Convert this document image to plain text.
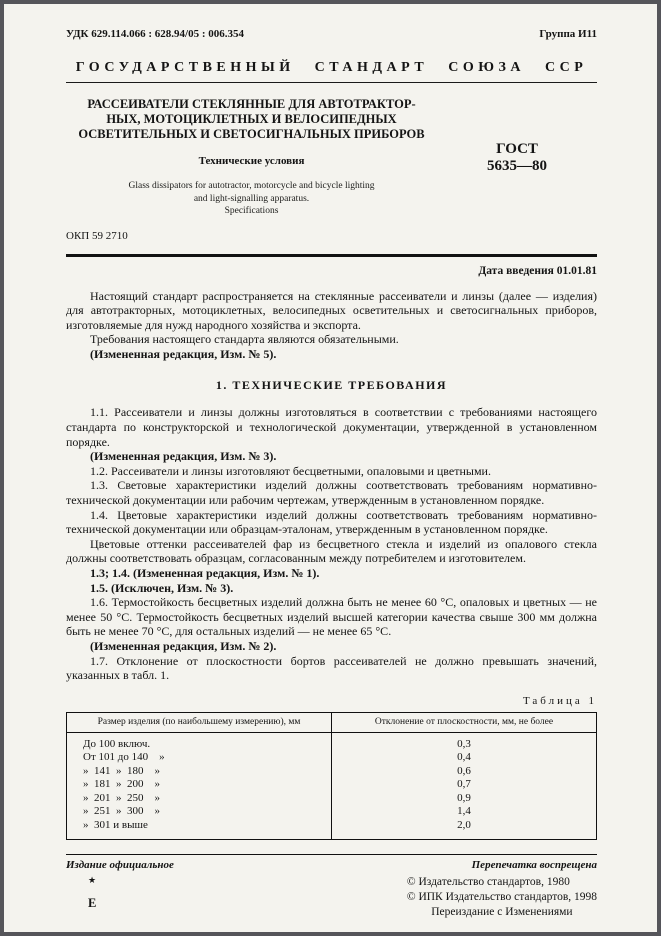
УДК 629.114.066 : 628.94/05 : 006.354	Группа И11
ГОСУДАРСТВЕННЫЙ СТАНДАРТ СОЮЗА ССР
РАССЕИВАТЕЛИ СТЕКЛЯННЫЕ ДЛЯ АВТОТРАКТОР-
НЫХ, МОТОЦИКЛЕТНЫХ И ВЕЛОСИПЕДНЫХ
ОСВЕТИТЕЛЬНЫХ И СВЕТОСИГНАЛЬНЫХ ПРИБОРОВ
Технические условия
Glass dissipators for autotractor, motorcycle and bicycle lighting
and light-signalling apparatus.
Specifications
ГОСТ
5635—80
ОКП 59 2710
Дата введения 01.01.81

Настоящий стандарт распространяется на стеклянные рассеиватели и линзы (далее — изделия) для автотракторных, мотоциклетных, велосипедных осветительных и светосигнальных приборов, изготовляемые для нужд народного хозяйства и экспорта.

Требования настоящего стандарта являются обязательными.

(Измененная редакция, Изм. № 5).

1. ТЕХНИЧЕСКИЕ ТРЕБОВАНИЯ

1.1. Рассеиватели и линзы должны изготовляться в соответствии с требованиями настоящего стандарта по конструкторской и технологической документации, утвержденной в установленном порядке.

(Измененная редакция, Изм. № 3).

1.2. Рассеиватели и линзы изготовляют бесцветными, опаловыми и цветными.

1.3. Световые характеристики изделий должны соответствовать требованиям нормативно-технической документации или рабочим чертежам, утвержденным в установленном порядке.

1.4. Цветовые характеристики изделий должны соответствовать требованиям нормативно-технической документации или образцам-эталонам, утвержденным в установленном порядке.

Цветовые оттенки рассеивателей фар из бесцветного стекла и изделий из опалового стекла должны соответствовать образцам, согласованным между потребителем и изготовителем.

1.3; 1.4. (Измененная редакция, Изм. № 1).

1.5. (Исключен, Изм. № 3).

1.6. Термостойкость бесцветных изделий должна быть не менее 60 °С, опаловых и цветных — не менее 50 °С. Термостойкость бесцветных изделий высшей категории качества свыше 300 мм должна быть не менее 70 °С, для остальных изделий — не менее 65 °С.

(Измененная редакция, Изм. № 2).

1.7. Отклонение от плоскостности бортов рассеивателей не должно превышать значений, указанных в табл. 1.

Таблица 1
Размер изделия (по наибольшему измерению), мм	Отклонение от плоскостности, мм, не более
До 100 включ.	0,3
От 101 до 140    »	0,4
»  141  »  180    »	0,6
»  181  »  200    »	0,7
»  201  »  250    »	0,9
»  251  »  300    »	1,4
»  301 и выше	2,0
Издание официальное	Перепечатка воспрещена
★
Е
© Издательство стандартов, 1980
© ИПК Издательство стандартов, 1998
Переиздание с Изменениями
